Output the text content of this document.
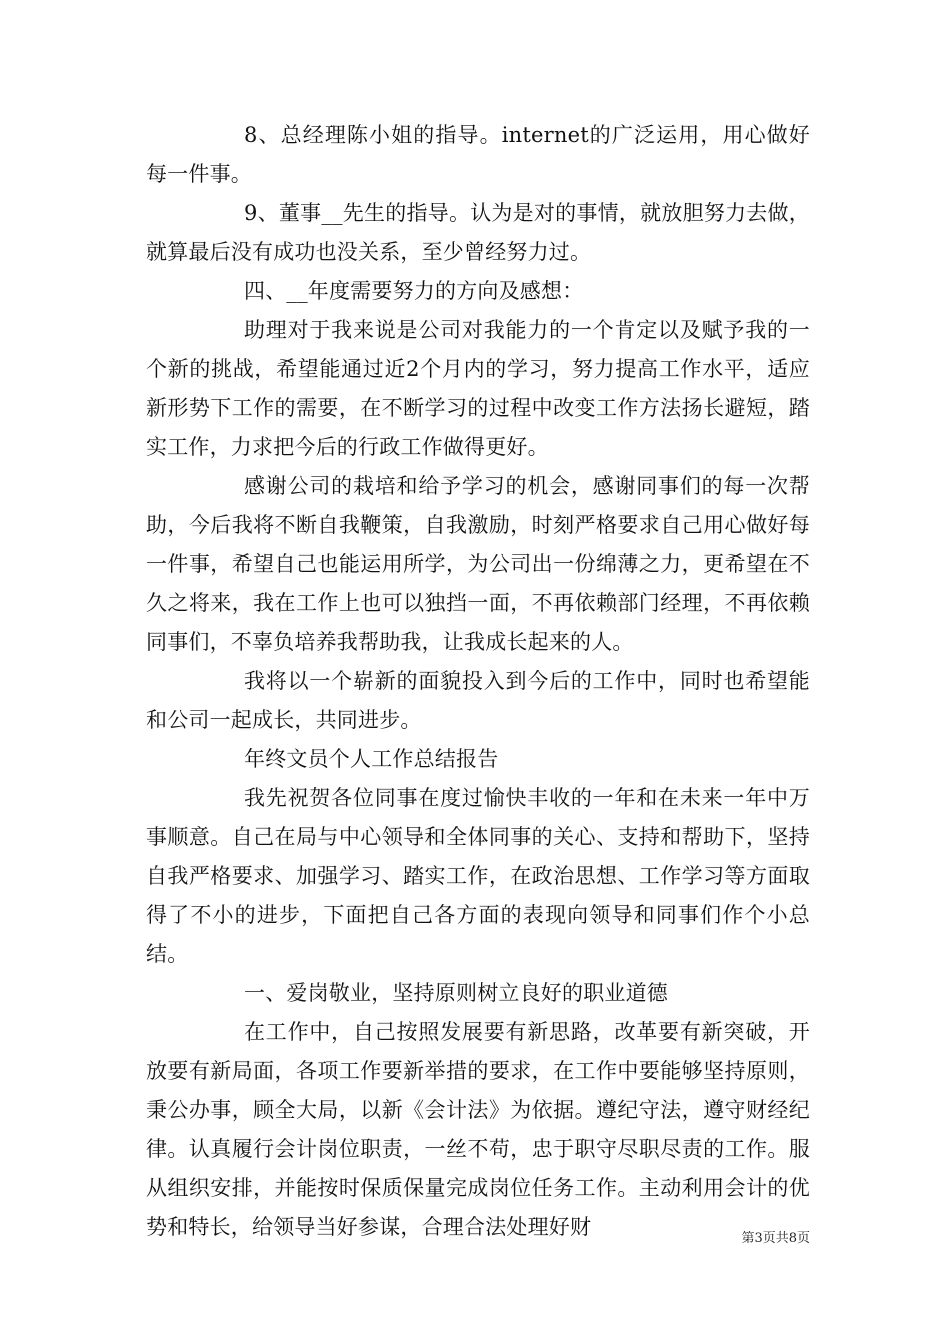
8、总经理陈小姐的指导。internet的广泛运用，用心做好每一件事。

9、董事__先生的指导。认为是对的事情，就放胆努力去做，就算最后没有成功也没关系，至少曾经努力过。

四、__年度需要努力的方向及感想：

助理对于我来说是公司对我能力的一个肯定以及赋予我的一个新的挑战，希望能通过近2个月内的学习，努力提高工作水平，适应新形势下工作的需要，在不断学习的过程中改变工作方法扬长避短，踏实工作，力求把今后的行政工作做得更好。

感谢公司的栽培和给予学习的机会，感谢同事们的每一次帮助，今后我将不断自我鞭策，自我激励，时刻严格要求自己用心做好每一件事，希望自己也能运用所学，为公司出一份绵薄之力，更希望在不久之将来，我在工作上也可以独挡一面，不再依赖部门经理，不再依赖同事们，不辜负培养我帮助我，让我成长起来的人。

我将以一个崭新的面貌投入到今后的工作中，同时也希望能和公司一起成长，共同进步。

年终文员个人工作总结报告

我先祝贺各位同事在度过愉快丰收的一年和在未来一年中万事顺意。自己在局与中心领导和全体同事的关心、支持和帮助下，坚持自我严格要求、加强学习、踏实工作，在政治思想、工作学习等方面取得了不小的进步，下面把自己各方面的表现向领导和同事们作个小总结。

一、爱岗敬业，坚持原则树立良好的职业道德

在工作中，自己按照发展要有新思路，改革要有新突破，开放要有新局面，各项工作要新举措的要求，在工作中要能够坚持原则，秉公办事，顾全大局，以新《会计法》为依据。遵纪守法，遵守财经纪律。认真履行会计岗位职责，一丝不苟，忠于职守尽职尽责的工作。服从组织安排，并能按时保质保量完成岗位任务工作。主动利用会计的优势和特长，给领导当好参谋，合理合法处理好财	第3页共8页
